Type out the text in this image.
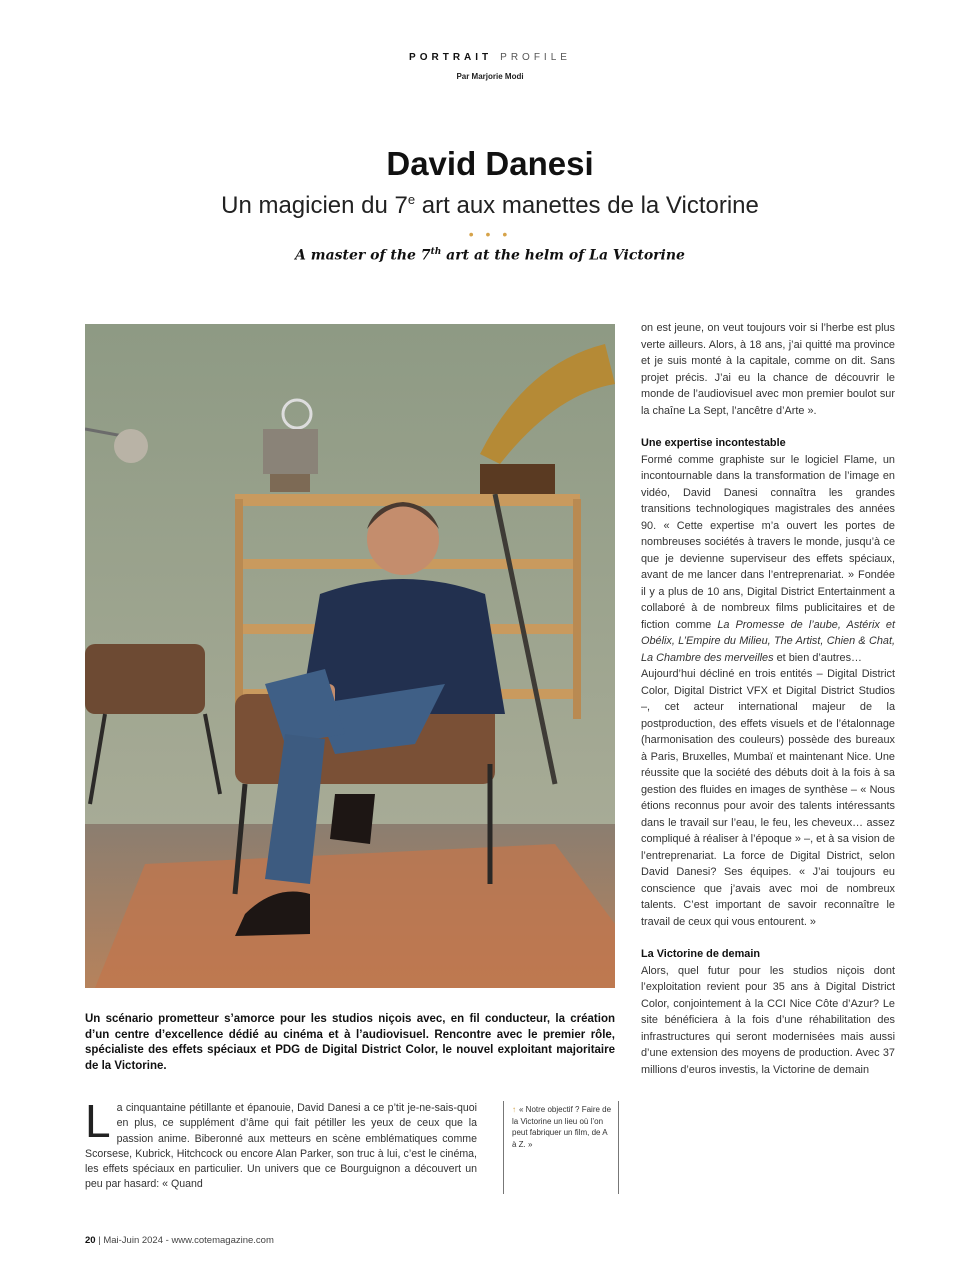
PORTRAIT PROFILE
Par Marjorie Modi
David Danesi
Un magicien du 7e art aux manettes de la Victorine
• • •
A master of the 7th art at the helm of La Victorine

Un scénario prometteur s’amorce pour les studios niçois avec, en fil conducteur, la création d’un centre d’excellence dédié au cinéma et à l’audiovisuel. Rencontre avec le premier rôle, spécialiste des effets spéciaux et PDG de Digital District Color, le nouvel exploitant majoritaire de la Victorine.

La cinquantaine pétillante et épanouie, David Danesi a ce p’tit je-ne-sais-quoi en plus, ce supplément d’âme qui fait pétiller les yeux de ceux que la passion anime. Biberonné aux metteurs en scène emblématiques comme Scorsese, Kubrick, Hitchcock ou encore Alan Parker, son truc à lui, c’est le cinéma, les effets spéciaux en particulier. Un univers que ce Bourguignon a découvert un peu par hasard: « Quand
↑ « Notre objectif ? Faire de la Victorine un lieu où l’on peut fabriquer un film, de A à Z. »

on est jeune, on veut toujours voir si l’herbe est plus verte ailleurs. Alors, à 18 ans, j’ai quitté ma province et je suis monté à la capitale, comme on dit. Sans projet précis. J’ai eu la chance de découvrir le monde de l’audiovisuel avec mon premier boulot sur la chaîne La Sept, l’ancêtre d’Arte ».

Une expertise incontestable

Formé comme graphiste sur le logiciel Flame, un incontournable dans la transformation de l’image en vidéo, David Danesi connaîtra les grandes transitions technologiques magistrales des années 90. « Cette expertise m’a ouvert les portes de nombreuses sociétés à travers le monde, jusqu’à ce que je devienne superviseur des effets spéciaux, avant de me lancer dans l’entreprenariat. » Fondée il y a plus de 10 ans, Digital District Entertainment a collaboré à de nombreux films publicitaires et de fiction comme La Promesse de l’aube, Astérix et Obélix, L’Empire du Milieu, The Artist, Chien & Chat, La Chambre des merveilles et bien d’autres…

Aujourd’hui décliné en trois entités – Digital District Color, Digital District VFX et Digital District Studios –, cet acteur international majeur de la postproduction, des effets visuels et de l’étalonnage (harmonisation des couleurs) possède des bureaux à Paris, Bruxelles, Mumbaï et maintenant Nice. Une réussite que la société des débuts doit à la fois à sa gestion des fluides en images de synthèse – « Nous étions reconnus pour avoir des talents intéressants dans le travail sur l’eau, le feu, les cheveux… assez compliqué à réaliser à l’époque » –, et à sa vision de l’entreprenariat. La force de Digital District, selon David Danesi? Ses équipes. « J’ai toujours eu conscience que j’avais avec moi de nombreux talents. C’est important de savoir reconnaître le travail de ceux qui vous entourent. »

La Victorine de demain

Alors, quel futur pour les studios niçois dont l’exploitation revient pour 35 ans à Digital District Color, conjointement à la CCI Nice Côte d’Azur? Le site bénéficiera à la fois d’une réhabilitation des infrastructures qui seront modernisées mais aussi d’une extension des moyens de production. Avec 37 millions d’euros investis, la Victorine de demain

20 | Mai-Juin 2024 - www.cotemagazine.com
